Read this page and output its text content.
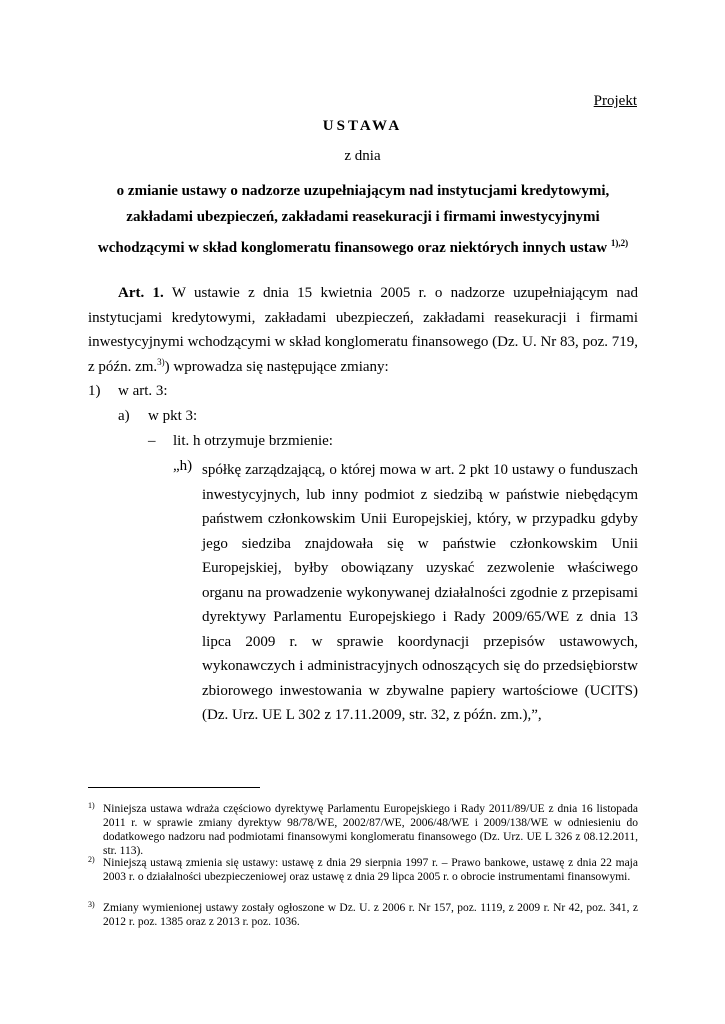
Projekt
USTAWA
z dnia
o zmianie ustawy o nadzorze uzupełniającym nad instytucjami kredytowymi, zakładami ubezpieczeń, zakładami reasekuracji i firmami inwestycyjnymi wchodzącymi w skład konglomeratu finansowego oraz niektórych innych ustaw $^{1),2)}$
Art. 1. W ustawie z dnia 15 kwietnia 2005 r. o nadzorze uzupełniającym nad instytucjami kredytowymi, zakładami ubezpieczeń, zakładami reasekuracji i firmami inwestycyjnymi wchodzącymi w skład konglomeratu finansowego (Dz. U. Nr 83, poz. 719, z późn. zm.$^{3)}$) wprowadza się następujące zmiany:
1) w art. 3:
a) w pkt 3:
– lit. h otrzymuje brzmienie:
„h) spółkę zarządzającą, o której mowa w art. 2 pkt 10 ustawy o funduszach inwestycyjnych, lub inny podmiot z siedzibą w państwie niebędącym państwem członkowskim Unii Europejskiej, który, w przypadku gdyby jego siedziba znajdowała się w państwie członkowskim Unii Europejskiej, byłby obowiązany uzyskać zezwolenie właściwego organu na prowadzenie wykonywanej działalności zgodnie z przepisami dyrektywy Parlamentu Europejskiego i Rady 2009/65/WE z dnia 13 lipca 2009 r. w sprawie koordynacji przepisów ustawowych, wykonawczych i administracyjnych odnoszących się do przedsiębiorstw zbiorowego inwestowania w zbywalne papiery wartościowe (UCITS) (Dz. Urz. UE L 302 z 17.11.2009, str. 32, z późn. zm.),”,
1) Niniejsza ustawa wdraża częściowo dyrektywę Parlamentu Europejskiego i Rady 2011/89/UE z dnia 16 listopada 2011 r. w sprawie zmiany dyrektyw 98/78/WE, 2002/87/WE, 2006/48/WE i 2009/138/WE w odniesieniu do dodatkowego nadzoru nad podmiotami finansowymi konglomeratu finansowego (Dz. Urz. UE L 326 z 08.12.2011, str. 113).
2) Niniejszą ustawą zmienia się ustawy: ustawę z dnia 29 sierpnia 1997 r. – Prawo bankowe, ustawę z dnia 22 maja 2003 r. o działalności ubezpieczeniowej oraz ustawę z dnia 29 lipca 2005 r. o obrocie instrumentami finansowymi.
3) Zmiany wymienionej ustawy zostały ogłoszone w Dz. U. z 2006 r. Nr 157, poz. 1119, z 2009 r. Nr 42, poz. 341, z 2012 r. poz. 1385 oraz z 2013 r. poz. 1036.
